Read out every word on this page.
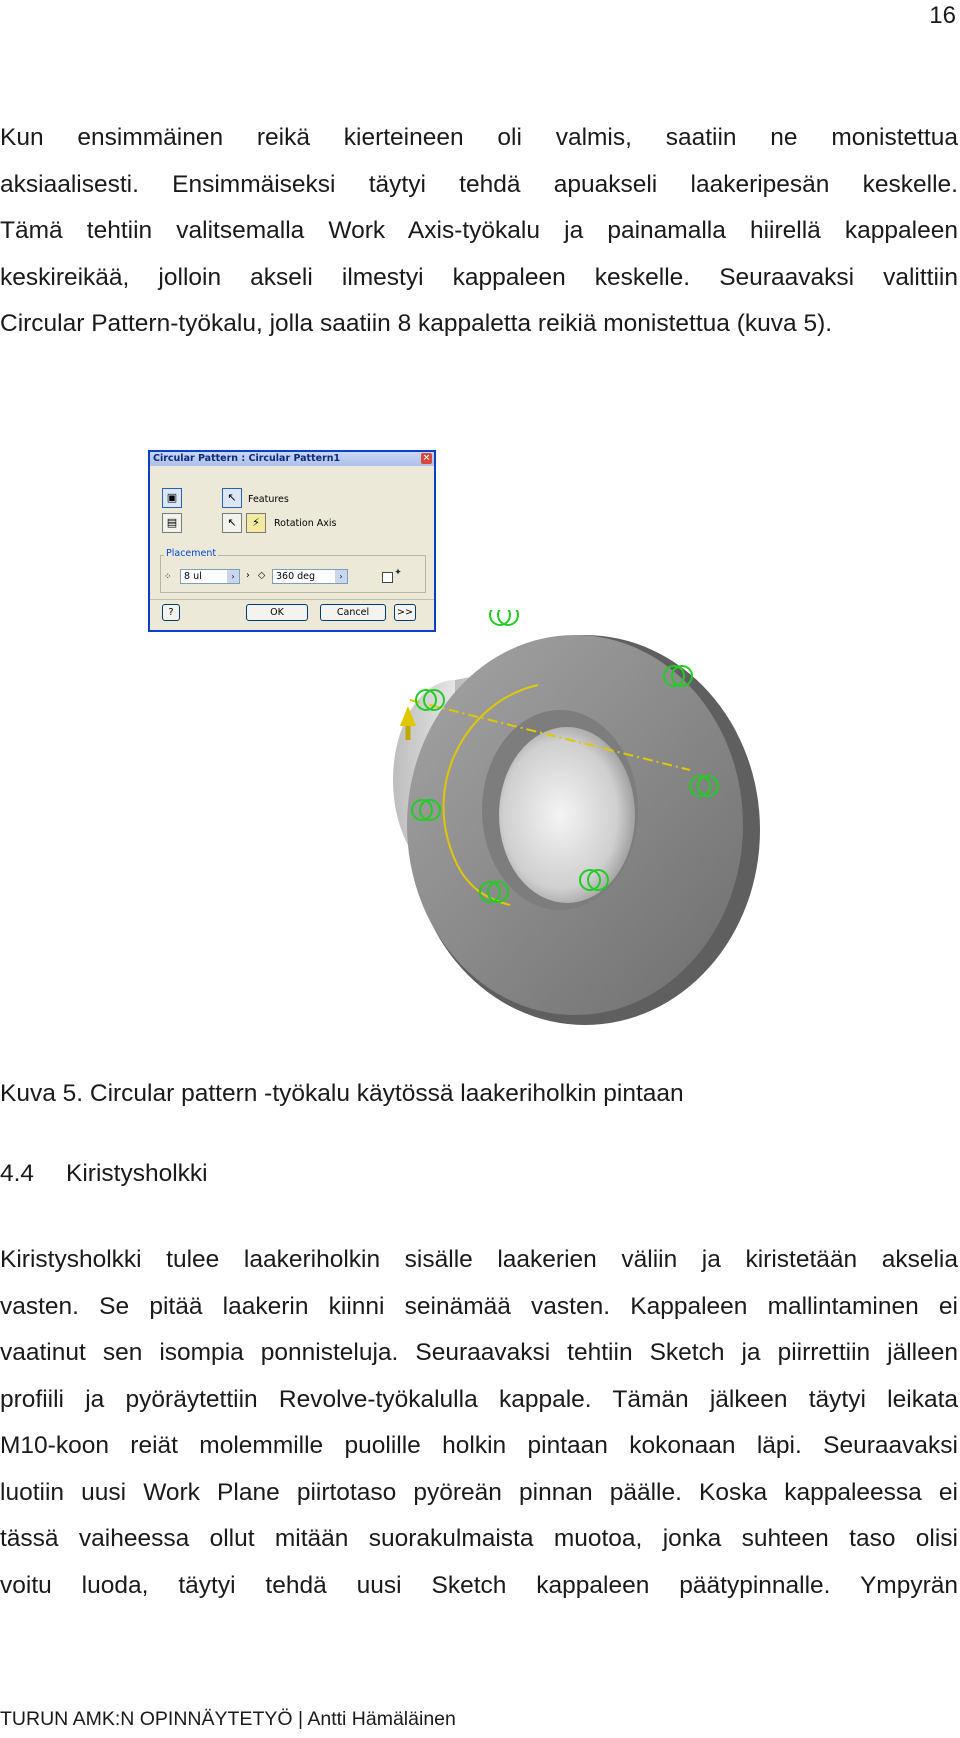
16
Kun ensimmäinen reikä kierteineen oli valmis, saatiin ne monistettua
aksiaalisesti. Ensimmäiseksi täytyi tehdä apuakseli laakeripesän keskelle.
Tämä tehtiin valitsemalla Work Axis-työkalu ja painamalla hiirellä kappaleen
keskireikää, jolloin akseli ilmestyi kappaleen keskelle. Seuraavaksi valittiin
Circular Pattern-työkalu, jolla saatiin 8 kappaletta reikiä monistettua (kuva 5).
Circular Pattern : Circular Pattern1	×
▣
▤
↖	Features
↖	⚡	Rotation Axis
Placement
⁘	8 ul	›	› ◇	360 deg	›	✦
?	OK	Cancel	>>
Kuva 5. Circular pattern -työkalu käytössä laakeriholkin pintaan
4.4 Kiristysholkki
Kiristysholkki tulee laakeriholkin sisälle laakerien väliin ja kiristetään akselia
vasten. Se pitää laakerin kiinni seinämää vasten. Kappaleen mallintaminen ei
vaatinut sen isompia ponnisteluja. Seuraavaksi tehtiin Sketch ja piirrettiin jälleen
profiili ja pyöräytettiin Revolve-työkalulla kappale. Tämän jälkeen täytyi leikata
M10-koon reiät molemmille puolille holkin pintaan kokonaan läpi. Seuraavaksi
luotiin uusi Work Plane piirtotaso pyöreän pinnan päälle. Koska kappaleessa ei
tässä vaiheessa ollut mitään suorakulmaista muotoa, jonka suhteen taso olisi
voitu luoda, täytyi tehdä uusi Sketch kappaleen päätypinnalle. Ympyrän
TURUN AMK:N OPINNÄYTETYÖ | Antti Hämäläinen
